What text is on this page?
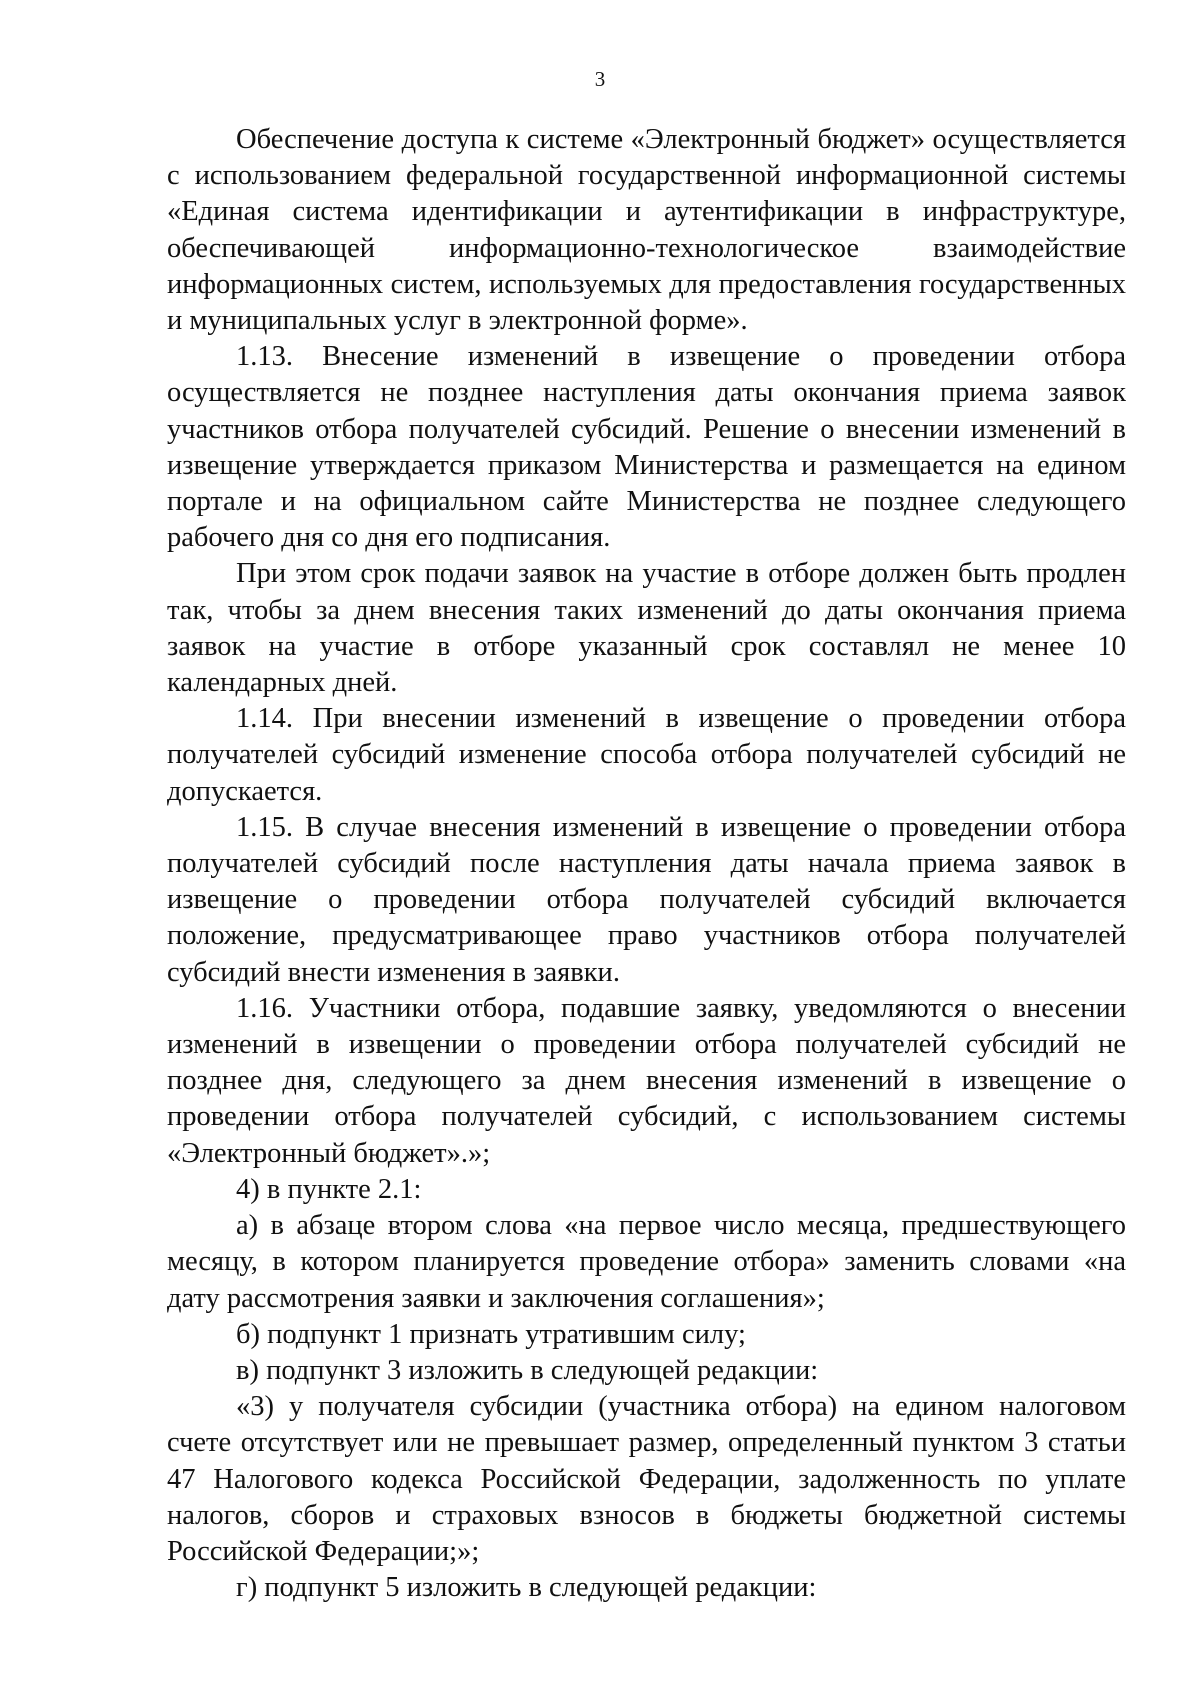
3

Обеспечение доступа к системе «Электронный бюджет» осуществляется с использованием федеральной государственной информационной системы «Единая система идентификации и аутентификации в инфраструктуре, обеспечивающей информационно-технологическое взаимодействие информационных систем, используемых для предоставления государственных и муниципальных услуг в электронной форме».

1.13. Внесение изменений в извещение о проведении отбора осуществляется не позднее наступления даты окончания приема заявок участников отбора получателей субсидий. Решение о внесении изменений в извещение утверждается приказом Министерства и размещается на едином портале и на официальном сайте Министерства не позднее следующего рабочего дня со дня его подписания.

При этом срок подачи заявок на участие в отборе должен быть продлен так, чтобы за днем внесения таких изменений до даты окончания приема заявок на участие в отборе указанный срок составлял не менее 10 календарных дней.

1.14. При внесении изменений в извещение о проведении отбора получателей субсидий изменение способа отбора получателей субсидий не допускается.

1.15. В случае внесения изменений в извещение о проведении отбора получателей субсидий после наступления даты начала приема заявок в извещение о проведении отбора получателей субсидий включается положение, предусматривающее право участников отбора получателей субсидий внести изменения в заявки.

1.16. Участники отбора, подавшие заявку, уведомляются о внесении изменений в извещении о проведении отбора получателей субсидий не позднее дня, следующего за днем внесения изменений в извещение о проведении отбора получателей субсидий, с использованием системы «Электронный бюджет».»;

4) в пункте 2.1:

а) в абзаце втором слова «на первое число месяца, предшествующего месяцу, в котором планируется проведение отбора» заменить словами «на дату рассмотрения заявки и заключения соглашения»;

б) подпункт 1 признать утратившим силу;

в) подпункт 3 изложить в следующей редакции:

«3) у получателя субсидии (участника отбора) на едином налоговом счете отсутствует или не превышает размер, определенный пунктом 3 статьи 47 Налогового кодекса Российской Федерации, задолженность по уплате налогов, сборов и страховых взносов в бюджеты бюджетной системы Российской Федерации;»;

г) подпункт 5 изложить в следующей редакции:
